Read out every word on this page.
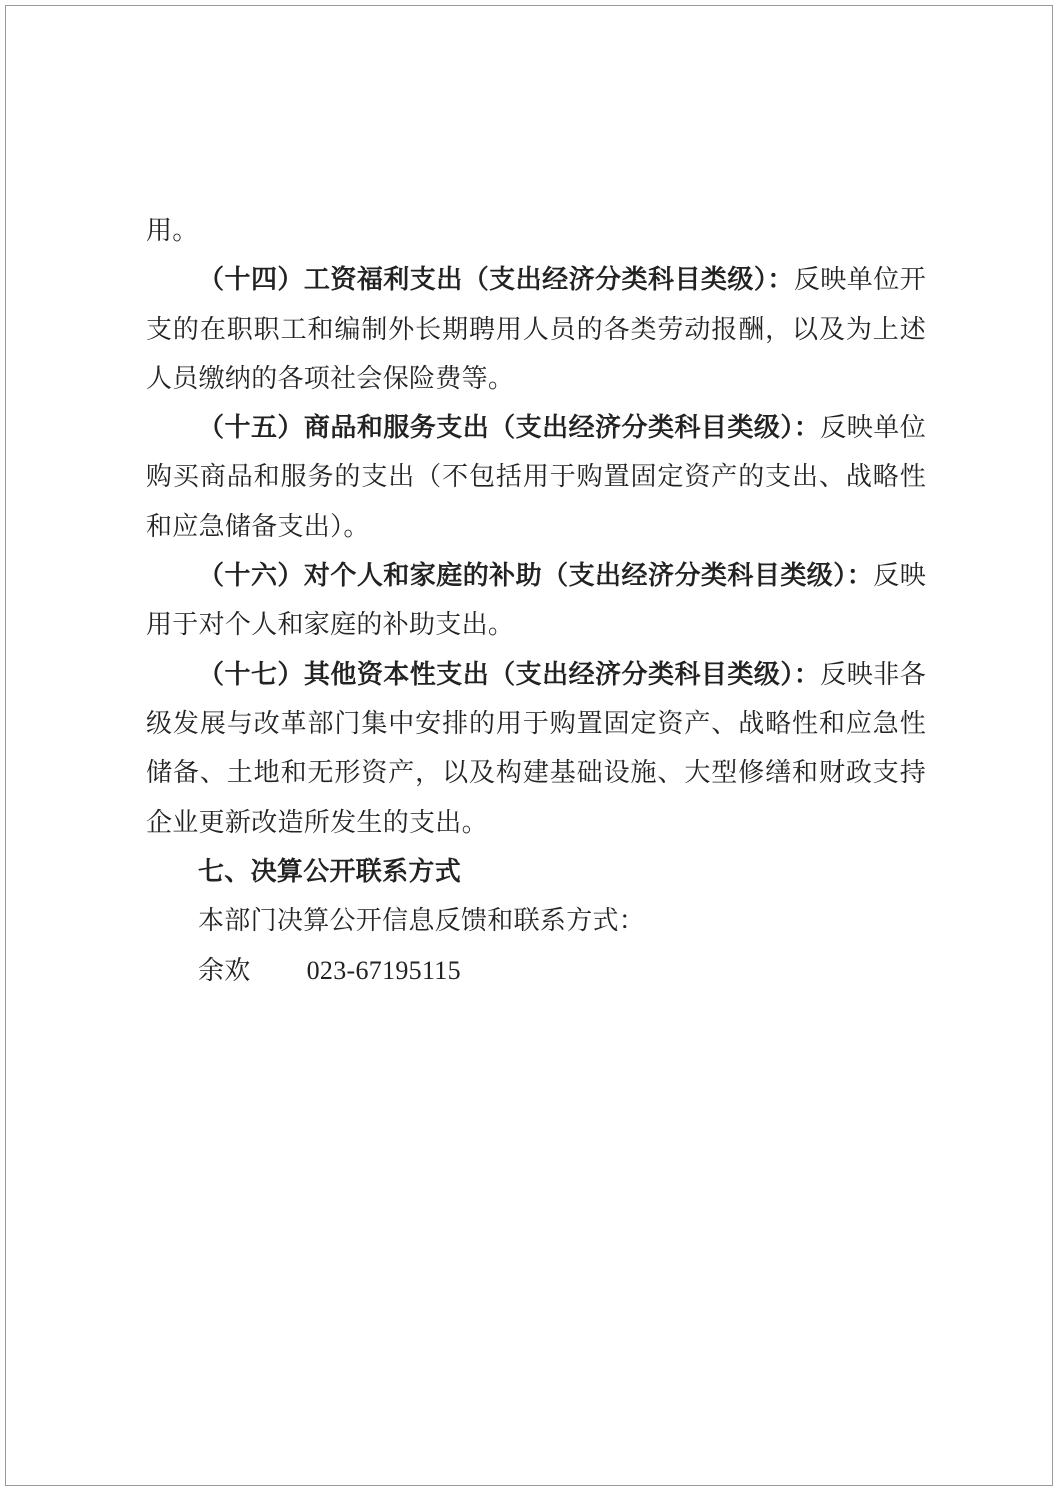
用。

（十四）工资福利支出（支出经济分类科目类级）：反映单位开支的在职职工和编制外长期聘用人员的各类劳动报酬，以及为上述人员缴纳的各项社会保险费等。

（十五）商品和服务支出（支出经济分类科目类级）：反映单位购买商品和服务的支出（不包括用于购置固定资产的支出、战略性和应急储备支出）。

（十六）对个人和家庭的补助（支出经济分类科目类级）：反映用于对个人和家庭的补助支出。

（十七）其他资本性支出（支出经济分类科目类级）：反映非各级发展与改革部门集中安排的用于购置固定资产、战略性和应急性储备、土地和无形资产，以及构建基础设施、大型修缮和财政支持企业更新改造所发生的支出。

七、决算公开联系方式

本部门决算公开信息反馈和联系方式：

余欢 023-67195115
